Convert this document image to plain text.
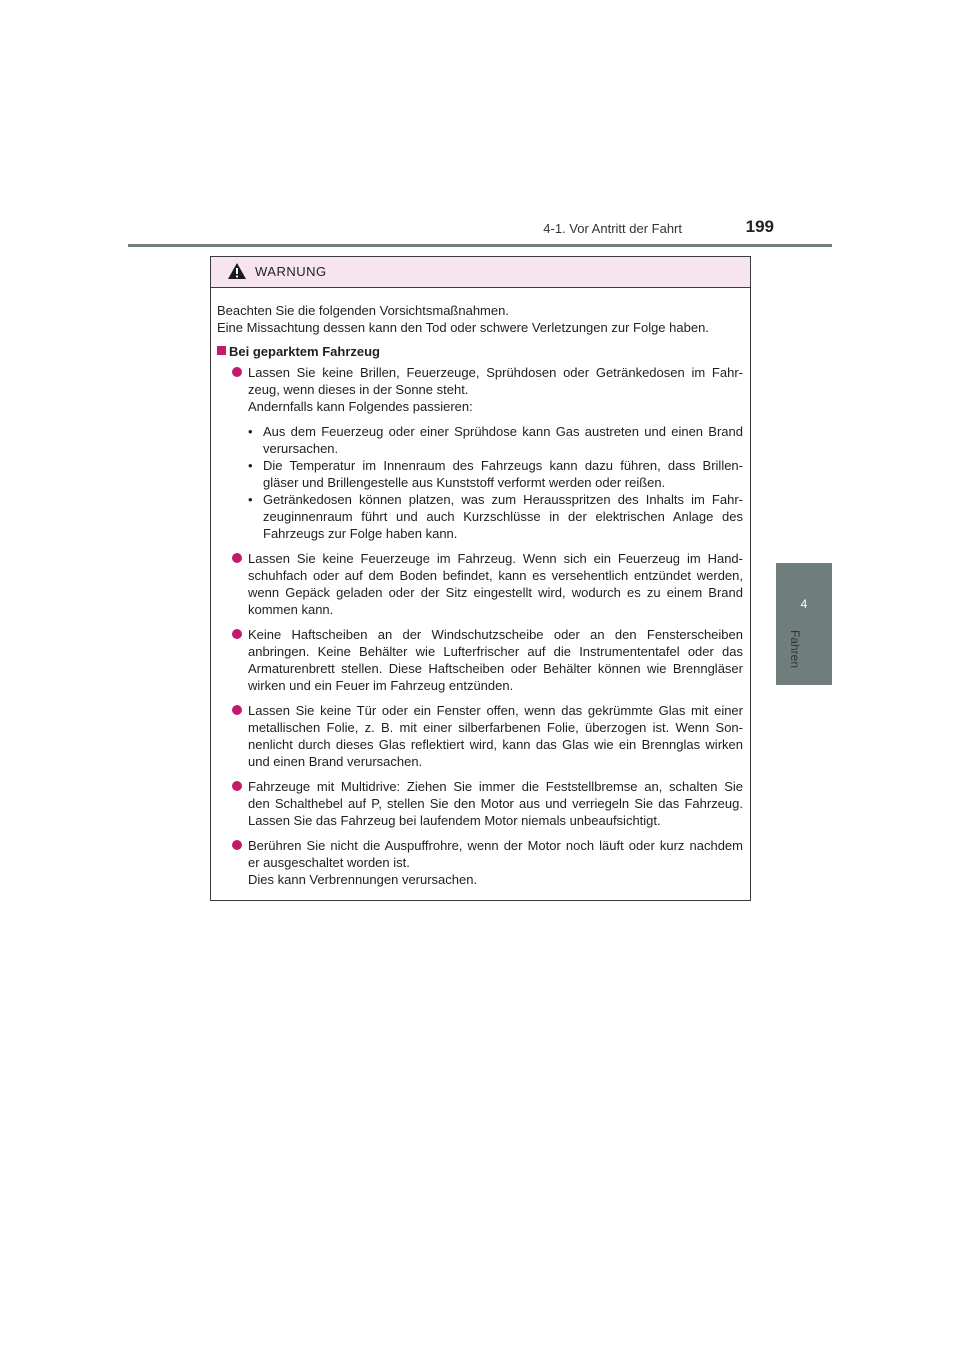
4-1. Vor Antritt der Fahrt	199
4
Fahren
WARNUNG

Beachten Sie die folgenden Vorsichtsmaßnahmen.

Eine Missachtung dessen kann den Tod oder schwere Verletzungen zur Folge haben.

Bei geparktem Fahrzeug
Lassen Sie keine Brillen, Feuerzeuge, Sprühdosen oder Getränkedosen im Fahr-
zeug, wenn dieses in der Sonne steht.
Andernfalls kann Folgendes passieren:
• Aus dem Feuerzeug oder einer Sprühdose kann Gas austreten und einen Brand
verursachen.
• Die Temperatur im Innenraum des Fahrzeugs kann dazu führen, dass Brillen-
gläser und Brillengestelle aus Kunststoff verformt werden oder reißen.
• Getränkedosen können platzen, was zum Herausspritzen des Inhalts im Fahr-
zeuginnenraum führt und auch Kurzschlüsse in der elektrischen Anlage des
Fahrzeugs zur Folge haben kann.
Lassen Sie keine Feuerzeuge im Fahrzeug. Wenn sich ein Feuerzeug im Hand-
schuhfach oder auf dem Boden befindet, kann es versehentlich entzündet werden,
wenn Gepäck geladen oder der Sitz eingestellt wird, wodurch es zu einem Brand
kommen kann.
Keine Haftscheiben an der Windschutzscheibe oder an den Fensterscheiben
anbringen. Keine Behälter wie Lufterfrischer auf die Instrumententafel oder das
Armaturenbrett stellen. Diese Haftscheiben oder Behälter können wie Brenngläser
wirken und ein Feuer im Fahrzeug entzünden.
Lassen Sie keine Tür oder ein Fenster offen, wenn das gekrümmte Glas mit einer
metallischen Folie, z. B. mit einer silberfarbenen Folie, überzogen ist. Wenn Son-
nenlicht durch dieses Glas reflektiert wird, kann das Glas wie ein Brennglas wirken
und einen Brand verursachen.
Fahrzeuge mit Multidrive: Ziehen Sie immer die Feststellbremse an, schalten Sie
den Schalthebel auf P, stellen Sie den Motor aus und verriegeln Sie das Fahrzeug.
Lassen Sie das Fahrzeug bei laufendem Motor niemals unbeaufsichtigt.
Berühren Sie nicht die Auspuffrohre, wenn der Motor noch läuft oder kurz nachdem
er ausgeschaltet worden ist.
Dies kann Verbrennungen verursachen.
